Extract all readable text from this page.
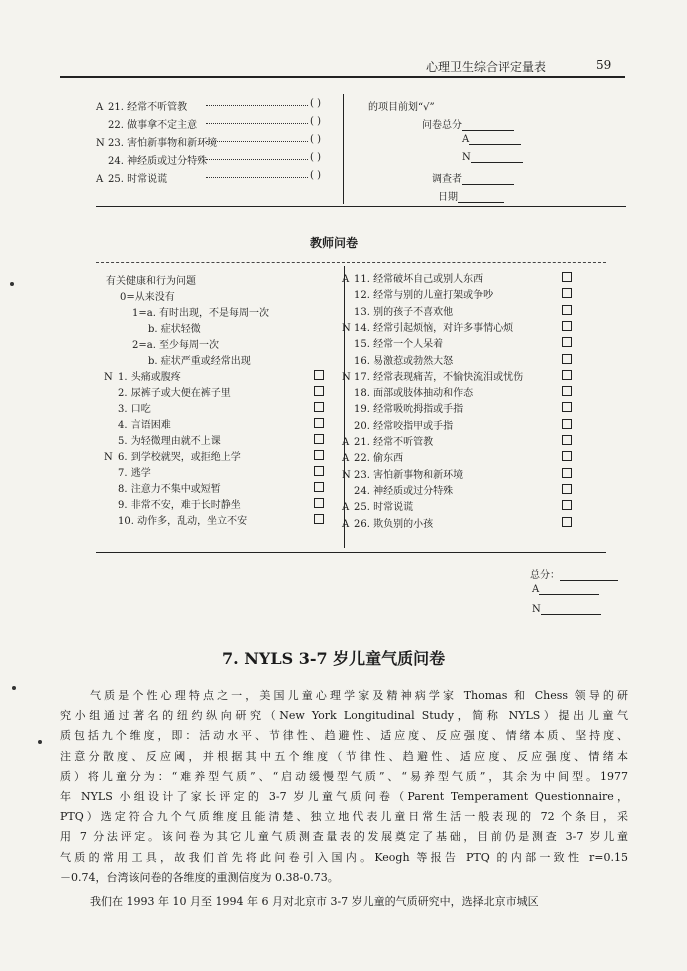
心理卫生综合评定量表	59
A 21. 经常不听管教	( )
22. 做事拿不定主意	( )
N 23. 害怕新事物和新环境	( )
24. 神经质或过分特殊	( )
A 25. 时常说谎	( )
的项目前划“√”
问卷总分
A
N
调查者
日期
教师问卷
有关健康和行为问题
0=从来没有
1=a. 有时出现，不是每周一次
b. 症状轻微
2=a. 至少每周一次
b. 症状严重或经常出现
N 1. 头痛或腹疼
2. 尿裤子或大便在裤子里
3. 口吃
4. 言语困难
5. 为轻微理由就不上课
N 6. 到学校就哭，或拒绝上学
7. 逃学
8. 注意力不集中或短暂
9. 非常不安，难于长时静坐
10. 动作多，乱动，坐立不安
A 11. 经常破坏自己或别人东西
12. 经常与别的儿童打架或争吵
13. 别的孩子不喜欢他
N 14. 经常引起烦恼，对许多事情心烦
15. 经常一个人呆着
16. 易激惹或勃然大怒
N 17. 经常表现痛苦，不愉快流泪或忧伤
18. 面部或肢体抽动和作态
19. 经常吸吮拇指或手指
20. 经常咬指甲或手指
A 21. 经常不听管教
A 22. 偷东西
N 23. 害怕新事物和新环境
24. 神经质或过分特殊
A 25. 时常说谎
A 26. 欺负别的小孩
总分：
A
N
7. NYLS 3-7 岁儿童气质问卷
气质是个性心理特点之一，美国儿童心理学家及精神病学家 Thomas 和 Chess 领导的研
究小组通过著名的纽约纵向研究（New York Longitudinal Study，简称 NYLS）提出儿童气
质包括九个维度，即：活动水平、节律性、趋避性、适应度、反应强度、情绪本质、坚持度、
注意分散度、反应阈，并根据其中五个维度（节律性、趋避性、适应度、反应强度、情绪本
质）将儿童分为：“难养型气质”、“启动缓慢型气质”、“易养型气质”，其余为中间型。1977
年 NYLS 小组设计了家长评定的 3-7 岁儿童气质问卷（Parent Temperament Questionnaire，
PTQ）选定符合九个气质维度且能清楚、独立地代表儿童日常生活一般表现的 72 个条目，采
用 7 分法评定。该问卷为其它儿童气质测查量表的发展奠定了基础，目前仍是测查 3-7 岁儿童
气质的常用工具，故我们首先将此问卷引入国内。Keogh 等报告 PTQ 的内部一致性 r=0.15
－0.74，台湾该问卷的各维度的重测信度为 0.38-0.73。
我们在 1993 年 10 月至 1994 年 6 月对北京市 3-7 岁儿童的气质研究中，选择北京市城区
